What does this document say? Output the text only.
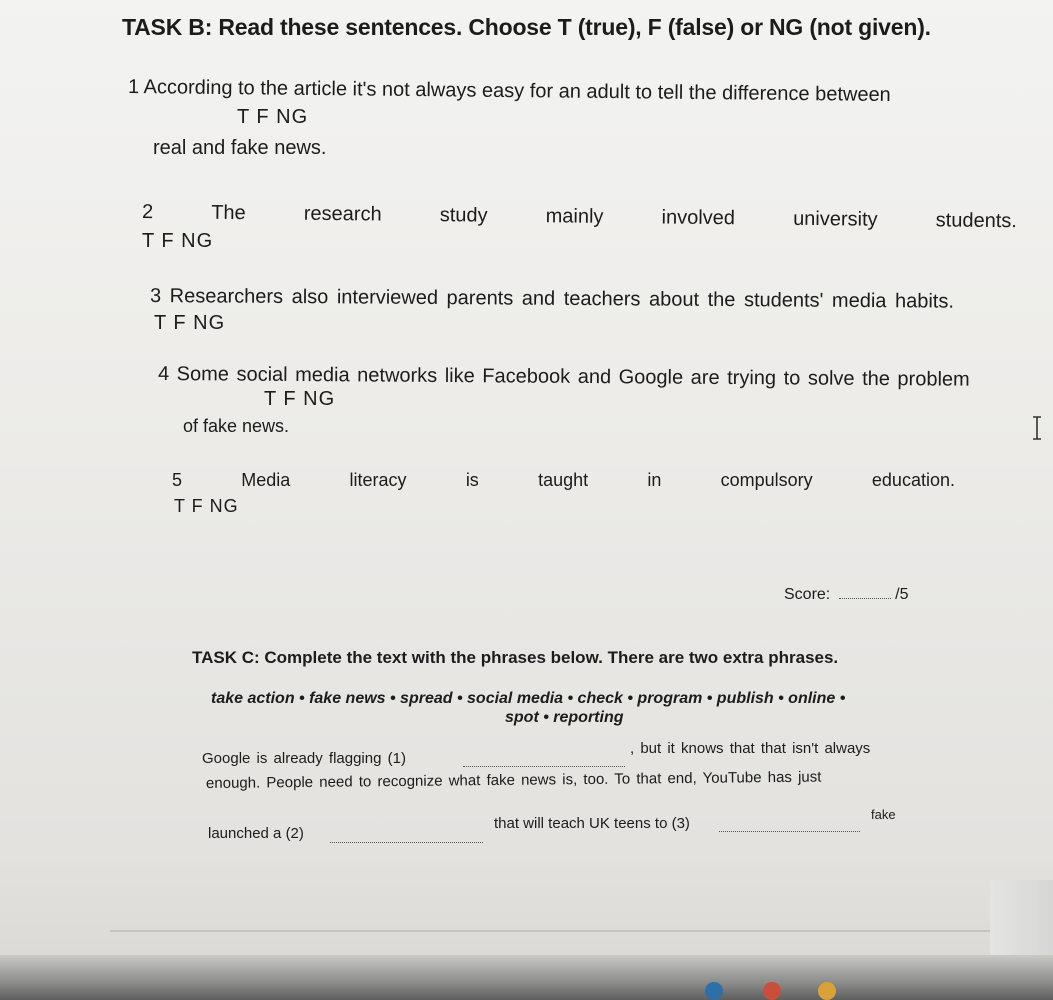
TASK B: Read these sentences. Choose T (true), F (false) or NG (not given).
1 According to the article it's not always easy for an adult to tell the difference between
T F NG
real and fake news.
2	The	research	study	mainly	involved	university	students.
T F NG
3 Researchers also interviewed parents and teachers about the students' media habits.
T F NG
4 Some social media networks like Facebook and Google are trying to solve the problem
T F NG
of fake news.
5	Media	literacy	is	taught	in	compulsory	education.
T F NG
Score:	/5
TASK C: Complete the text with the phrases below. There are two extra phrases.
take action • fake news • spread • social media • check • program • publish • online •
spot • reporting
Google is already flagging (1)
, but it knows that that isn't always
enough. People need to recognize what fake news is, too. To that end, YouTube has just
launched a (2)
that will teach UK teens to (3)
fake
